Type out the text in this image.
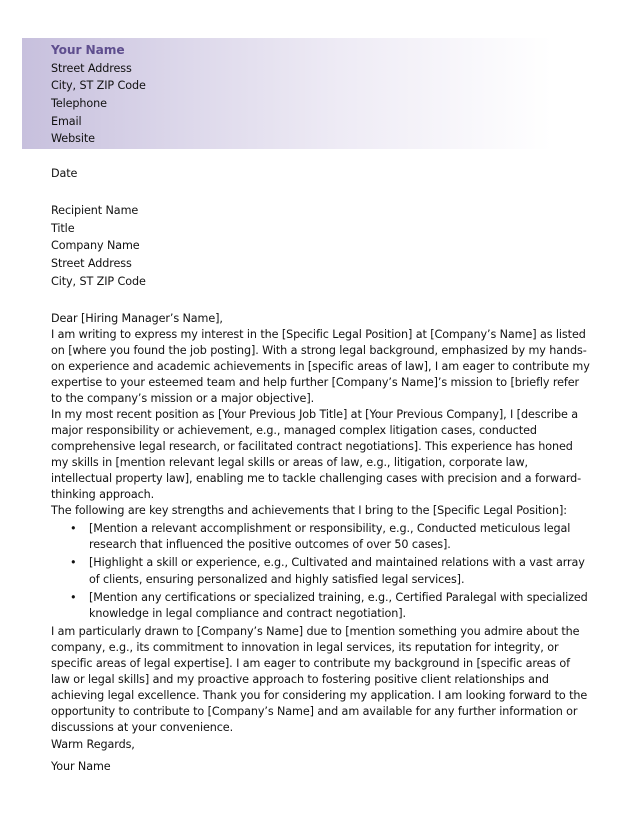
Your Name
Street Address
City, ST ZIP Code
Telephone
Email
Website
Date
Recipient Name
Title
Company Name
Street Address
City, ST ZIP Code

Dear [Hiring Manager’s Name],

I am writing to express my interest in the [Specific Legal Position] at [Company’s Name] as listed on [where you found the job posting]. With a strong legal background, emphasized by my hands-on experience and academic achievements in [specific areas of law], I am eager to contribute my expertise to your esteemed team and help further [Company’s Name]’s mission to [briefly refer to the company’s mission or a major objective].

In my most recent position as [Your Previous Job Title] at [Your Previous Company], I [describe a major responsibility or achievement, e.g., managed complex litigation cases, conducted comprehensive legal research, or facilitated contract negotiations]. This experience has honed my skills in [mention relevant legal skills or areas of law, e.g., litigation, corporate law, intellectual property law], enabling me to tackle challenging cases with precision and a forward-thinking approach.

The following are key strengths and achievements that I bring to the [Specific Legal Position]:

• [Mention a relevant accomplishment or responsibility, e.g., Conducted meticulous legal research that influenced the positive outcomes of over 50 cases].
• [Highlight a skill or experience, e.g., Cultivated and maintained relations with a vast array of clients, ensuring personalized and highly satisfied legal services].
• [Mention any certifications or specialized training, e.g., Certified Paralegal with specialized knowledge in legal compliance and contract negotiation].

I am particularly drawn to [Company’s Name] due to [mention something you admire about the company, e.g., its commitment to innovation in legal services, its reputation for integrity, or specific areas of legal expertise]. I am eager to contribute my background in [specific areas of law or legal skills] and my proactive approach to fostering positive client relationships and achieving legal excellence. Thank you for considering my application. I am looking forward to the opportunity to contribute to [Company’s Name] and am available for any further information or discussions at your convenience.

Warm Regards,
Your Name
